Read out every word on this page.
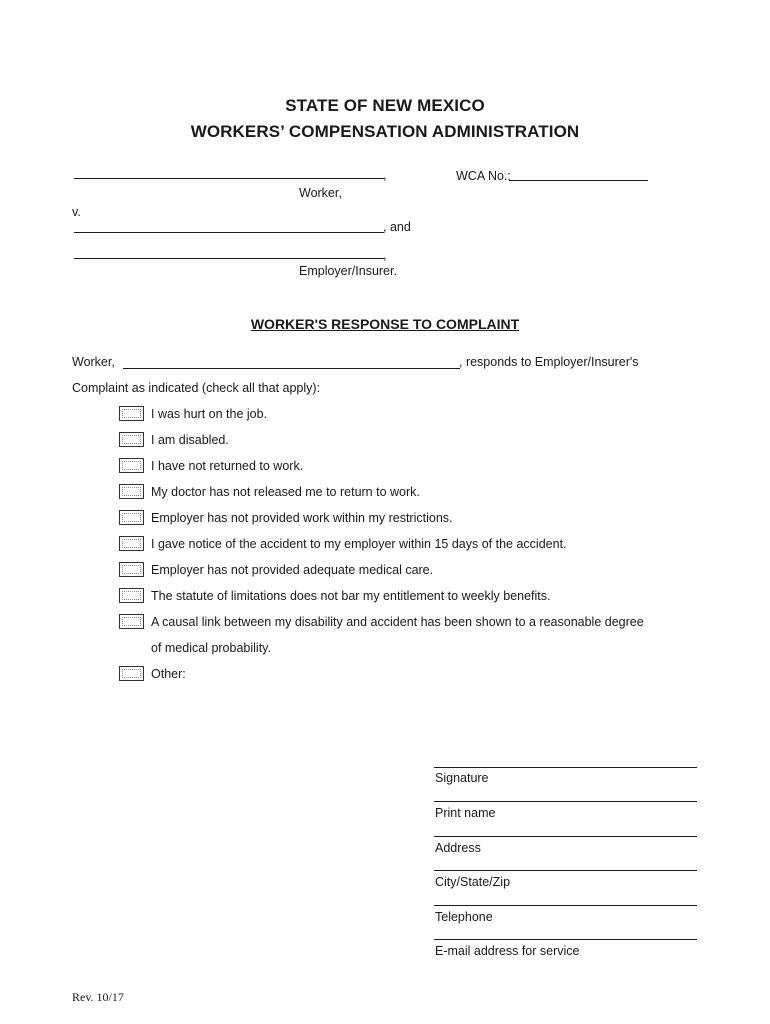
STATE OF NEW MEXICO
WORKERS’ COMPENSATION ADMINISTRATION
,
Worker,
WCA No.:
v.
, and
,
Employer/Insurer.
WORKER'S RESPONSE TO COMPLAINT
Worker,	, responds to Employer/Insurer's
Complaint as indicated (check all that apply):
I was hurt on the job.
I am disabled.
I have not returned to work.
My doctor has not released me to return to work.
Employer has not provided work within my restrictions.
I gave notice of the accident to my employer within 15 days of the accident.
Employer has not provided adequate medical care.
The statute of limitations does not bar my entitlement to weekly benefits.
A causal link between my disability and accident has been shown to a reasonable degree
of medical probability.
Other:
Signature
Print name
Address
City/State/Zip
Telephone
E-mail address for service
Rev. 10/17
